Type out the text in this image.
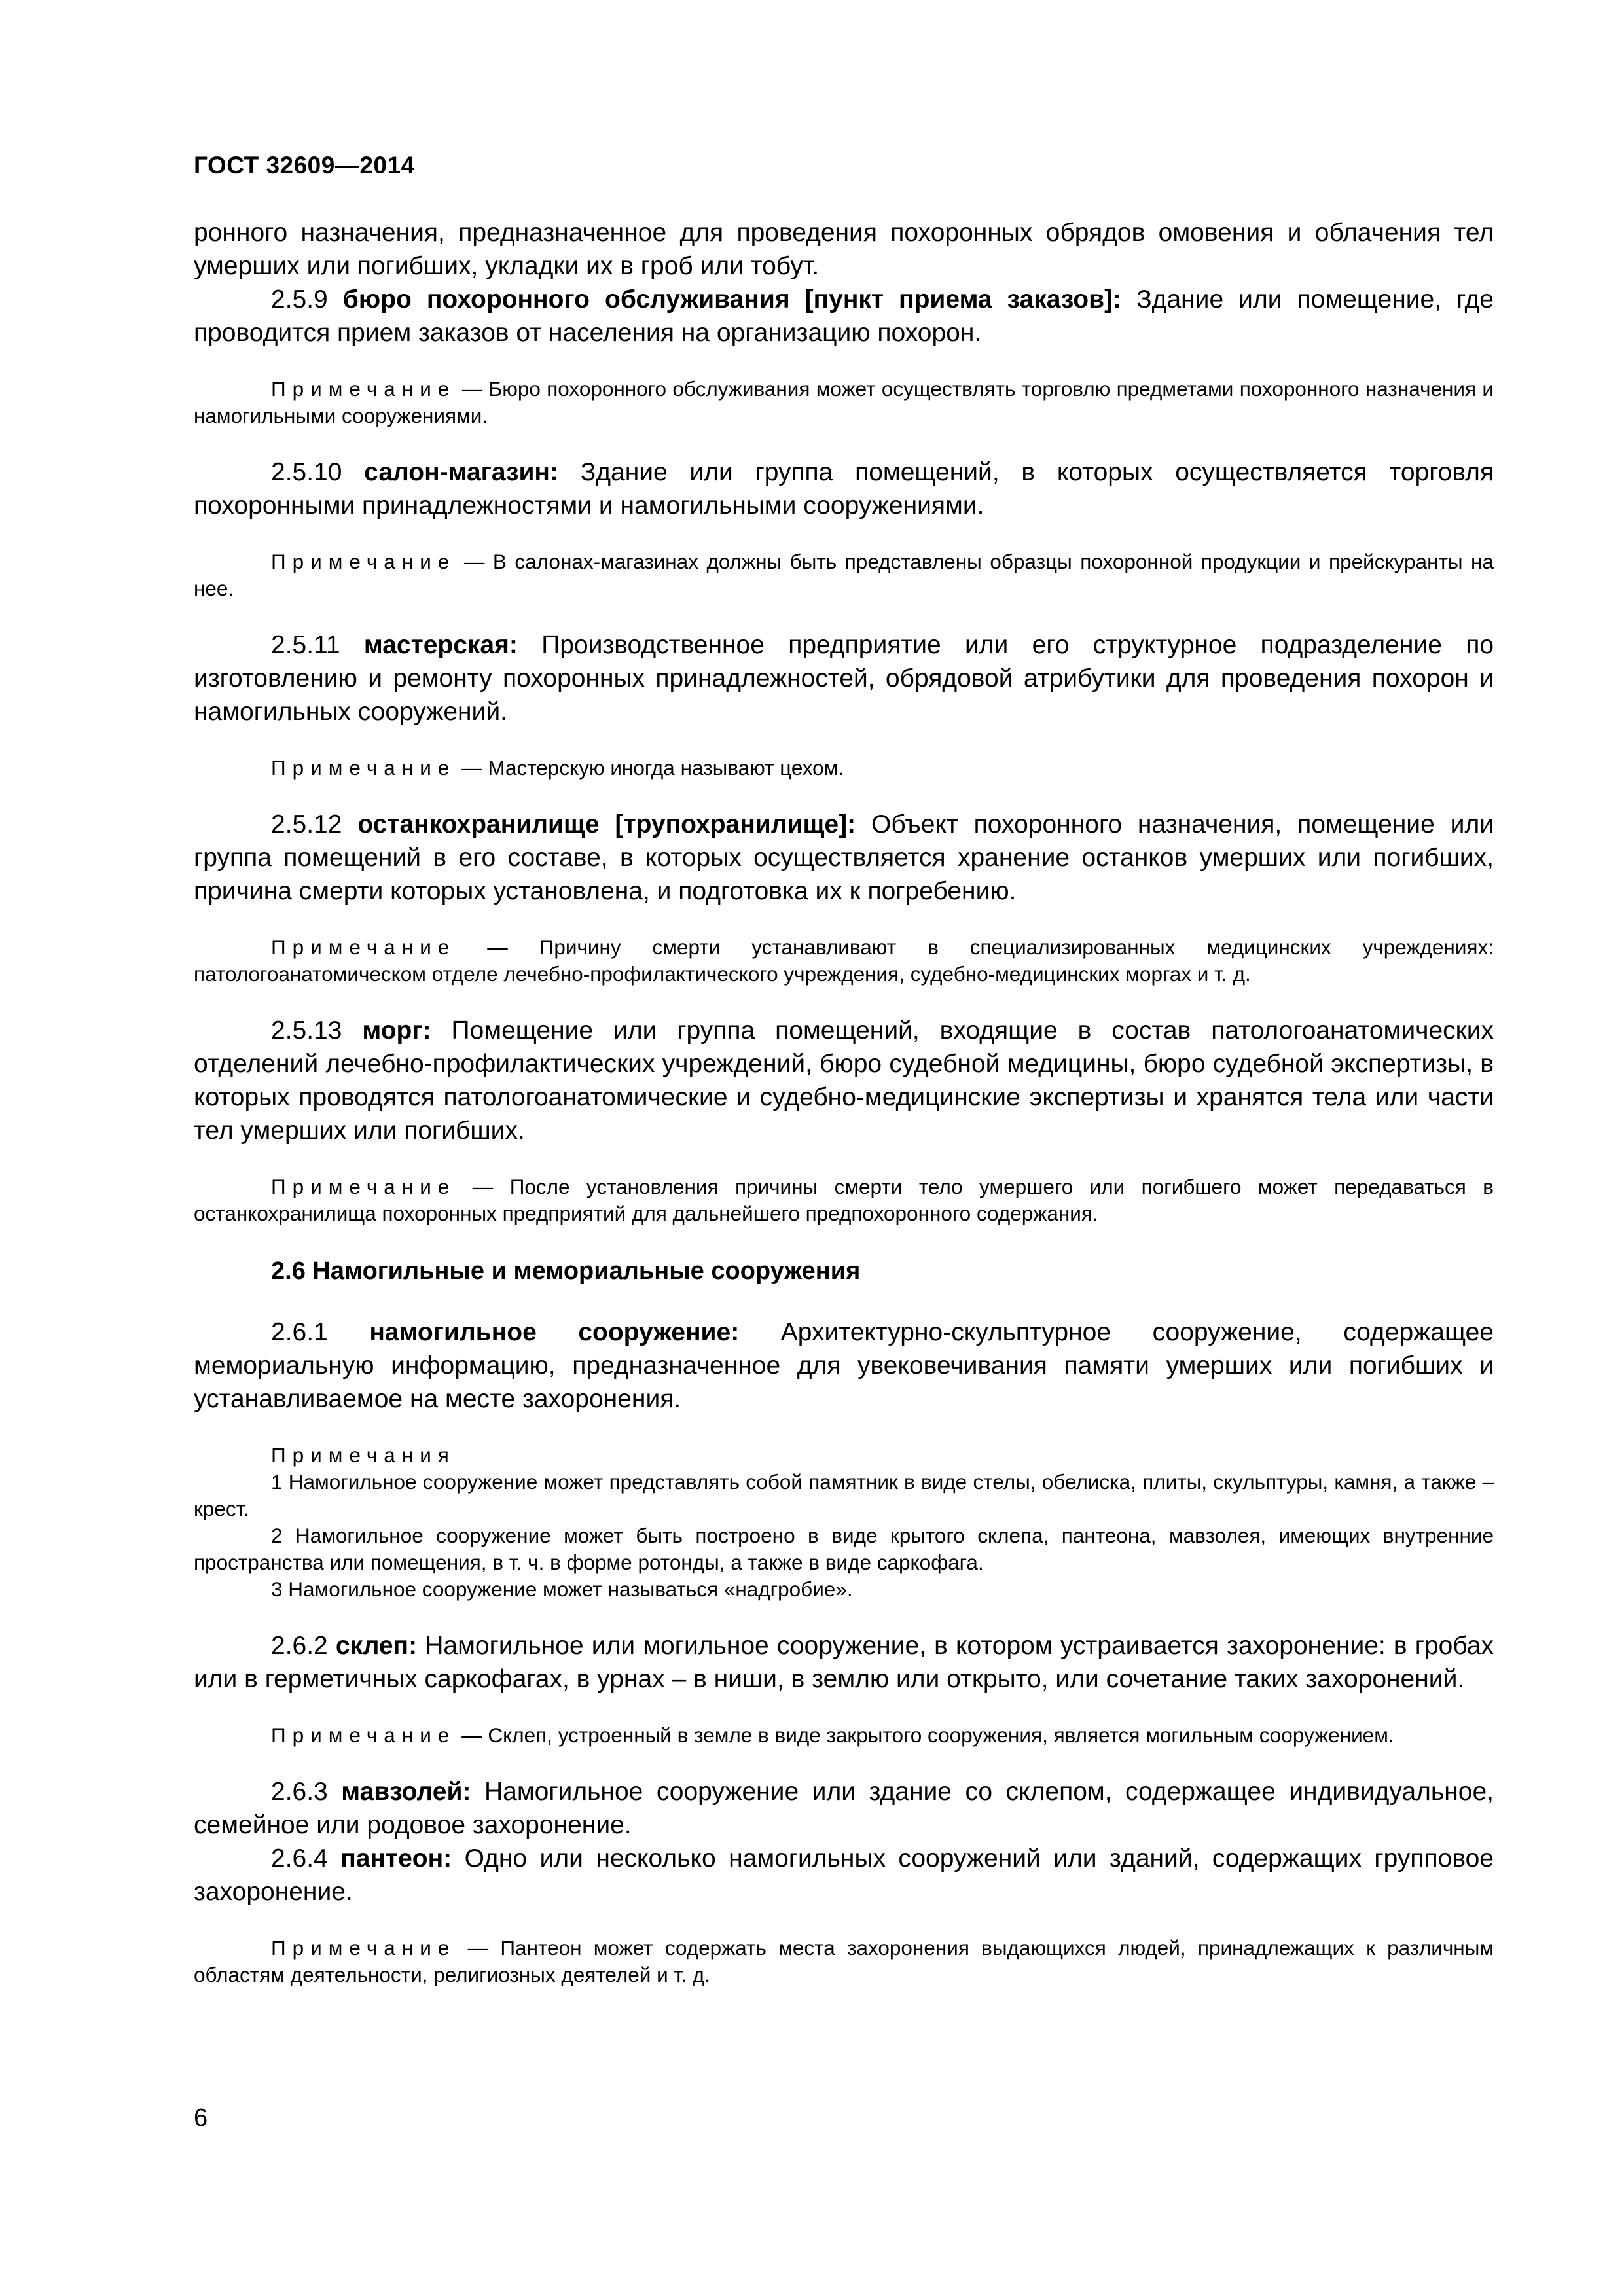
ГОСТ 32609—2014

ронного назначения, предназначенное для проведения похоронных обрядов омовения и облачения тел умерших или погибших, укладки их в гроб или тобут.

2.5.9 бюро похоронного обслуживания [пункт приема заказов]: Здание или помещение, где проводится прием заказов от населения на организацию похорон.

Примечание — Бюро похоронного обслуживания может осуществлять торговлю предметами похоронного назначения и намогильными сооружениями.

2.5.10 салон-магазин: Здание или группа помещений, в которых осуществляется торговля похоронными принадлежностями и намогильными сооружениями.

Примечание — В салонах-магазинах должны быть представлены образцы похоронной продукции и прейскуранты на нее.

2.5.11 мастерская: Производственное предприятие или его структурное подразделение по изготовлению и ремонту похоронных принадлежностей, обрядовой атрибутики для проведения похорон и намогильных сооружений.

Примечание — Мастерскую иногда называют цехом.

2.5.12 останкохранилище [трупохранилище]: Объект похоронного назначения, помещение или группа помещений в его составе, в которых осуществляется хранение останков умерших или погибших, причина смерти которых установлена, и подготовка их к погребению.

Примечание — Причину смерти устанавливают в специализированных медицинских учреждениях: патологоанатомическом отделе лечебно-профилактического учреждения, судебно-медицинских моргах и т. д.

2.5.13 морг: Помещение или группа помещений, входящие в состав патологоанатомических отделений лечебно-профилактических учреждений, бюро судебной медицины, бюро судебной экспертизы, в которых проводятся патологоанатомические и судебно-медицинские экспертизы и хранятся тела или части тел умерших или погибших.

Примечание — После установления причины смерти тело умершего или погибшего может передаваться в останкохранилища похоронных предприятий для дальнейшего предпохоронного содержания.

2.6 Намогильные и мемориальные сооружения

2.6.1 намогильное сооружение: Архитектурно-скульптурное сооружение, содержащее мемориальную информацию, предназначенное для увековечивания памяти умерших или погибших и устанавливаемое на месте захоронения.

Примечания

1 Намогильное сооружение может представлять собой памятник в виде стелы, обелиска, плиты, скульптуры, камня, а также – крест.

2 Намогильное сооружение может быть построено в виде крытого склепа, пантеона, мавзолея, имеющих внутренние пространства или помещения, в т. ч. в форме ротонды, а также в виде саркофага.

3 Намогильное сооружение может называться «надгробие».

2.6.2 склеп: Намогильное или могильное сооружение, в котором устраивается захоронение: в гробах или в герметичных саркофагах, в урнах – в ниши, в землю или открыто, или сочетание таких захоронений.

Примечание — Склеп, устроенный в земле в виде закрытого сооружения, является могильным сооружением.

2.6.3 мавзолей: Намогильное сооружение или здание со склепом, содержащее индивидуальное, семейное или родовое захоронение.

2.6.4 пантеон: Одно или несколько намогильных сооружений или зданий, содержащих групповое захоронение.

Примечание — Пантеон может содержать места захоронения выдающихся людей, принадлежащих к различным областям деятельности, религиозных деятелей и т. д.

6
